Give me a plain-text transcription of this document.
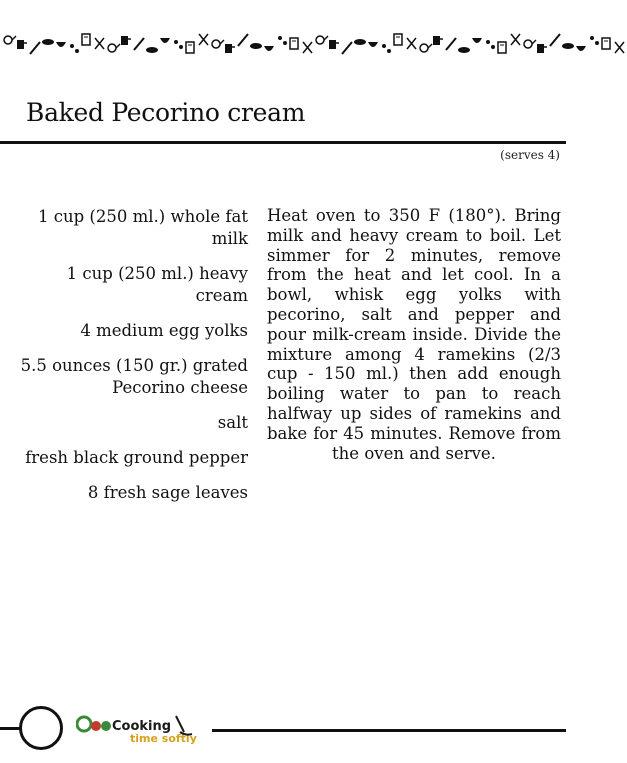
Baked Pecorino cream
(serves 4)
1 cup (250 ml.) whole fat milk
1 cup (250 ml.) heavy cream
4 medium egg yolks
5.5 ounces (150 gr.) grated Pecorino cheese
salt
fresh black ground pepper
8 fresh sage leaves
Heat oven to 350 F (180°). Bring milk and heavy cream to boil. Let simmer for 2 minutes, remove from the heat and let cool. In a bowl, whisk egg yolks with pecorino, salt and pepper and pour milk-cream inside. Divide the mixture among 4 ramekins (2/3 cup - 150 ml.) then add enough boiling water to pan to reach halfway up sides of ramekins and bake for 45 minutes. Remove from the oven and serve.
Cooking
time softly
